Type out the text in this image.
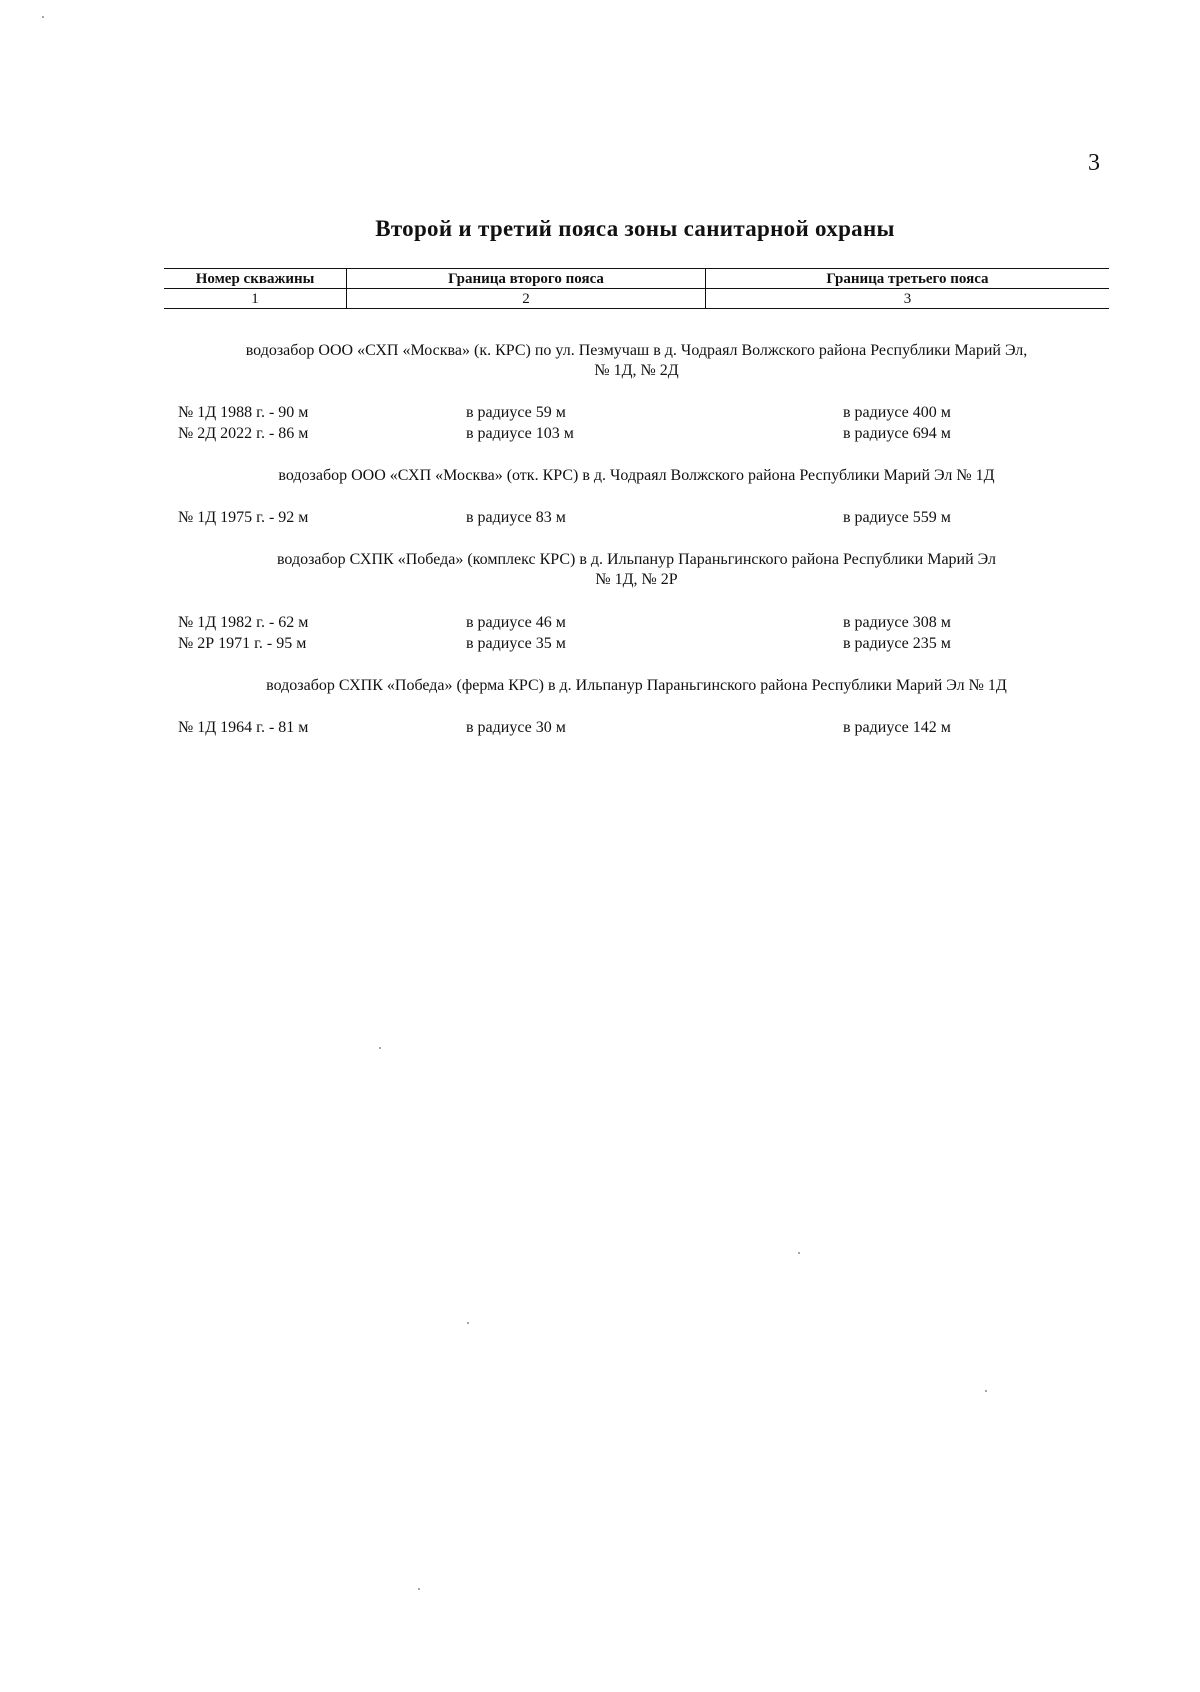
3
Второй и третий пояса зоны санитарной охраны
Номер скважины	Граница второго пояса	Граница третьего пояса
1	2	3
водозабор ООО «СХП «Москва» (к. КРС) по ул. Пезмучаш в д. Чодраял Волжского района Республики Марий Эл,
№ 1Д, № 2Д
№ 1Д 1988 г. - 90 м	в радиусе 59 м	в радиусе 400 м
№ 2Д 2022 г. - 86 м	в радиусе 103 м	в радиусе 694 м
водозабор ООО «СХП «Москва» (отк. КРС) в д. Чодраял Волжского района Республики Марий Эл № 1Д
№ 1Д 1975 г. - 92 м	в радиусе 83 м	в радиусе 559 м
водозабор СХПК «Победа» (комплекс КРС) в д. Ильпанур Параньгинского района Республики Марий Эл
№ 1Д, № 2Р
№ 1Д 1982 г. - 62 м	в радиусе 46 м	в радиусе 308 м
№ 2Р 1971 г. - 95 м	в радиусе 35 м	в радиусе 235 м
водозабор СХПК «Победа» (ферма КРС) в д. Ильпанур Параньгинского района Республики Марий Эл № 1Д
№ 1Д 1964 г. - 81 м	в радиусе 30 м	в радиусе 142 м
